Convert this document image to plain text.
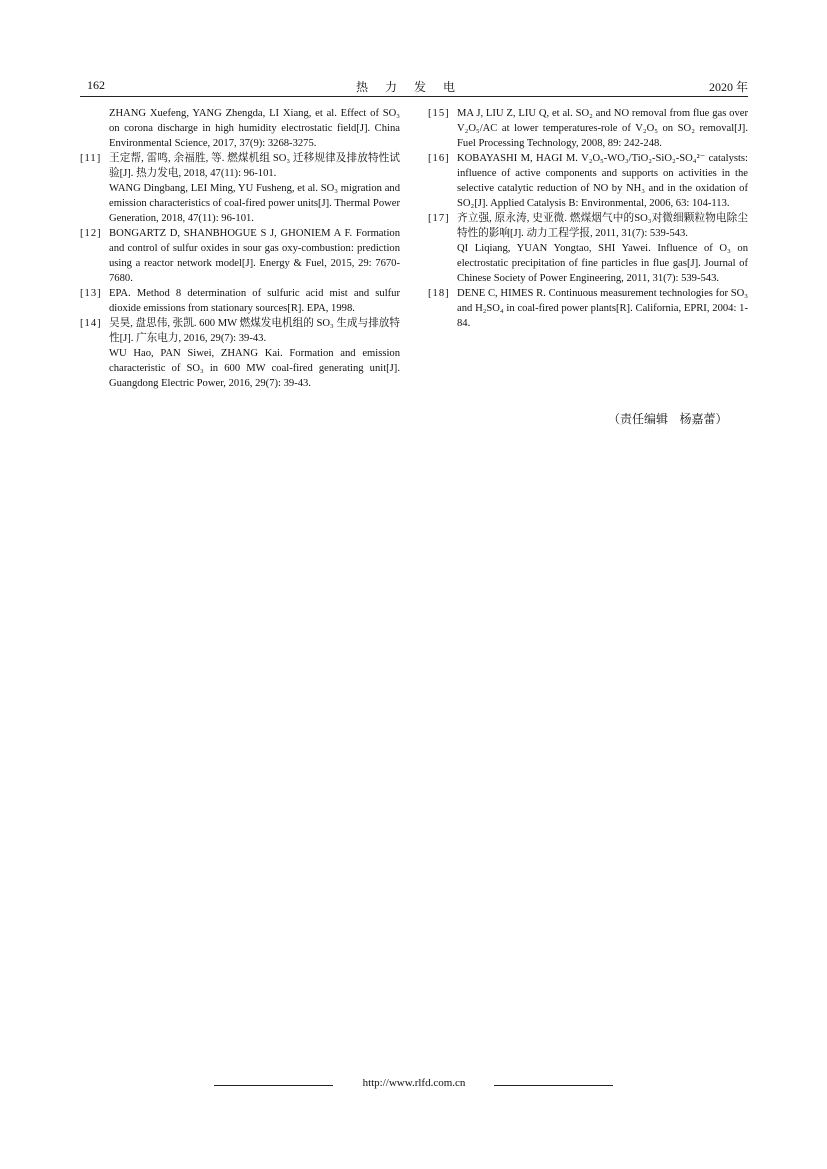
162	热力发电	2020 年

ZHANG Xuefeng, YANG Zhengda, LI Xiang, et al. Effect of SO₃ on corona discharge in high humidity electrostatic field[J]. China Environmental Science, 2017, 37(9): 3268-3275.

[11] 王定帮, 雷鸣, 余福胜, 等. 燃煤机组 SO₃ 迁移规律及排放特性试验[J]. 热力发电, 2018, 47(11): 96-101.

WANG Dingbang, LEI Ming, YU Fusheng, et al. SO₃ migration and emission characteristics of coal-fired power units[J]. Thermal Power Generation, 2018, 47(11): 96-101.

[12] BONGARTZ D, SHANBHOGUE S J, GHONIEM A F. Formation and control of sulfur oxides in sour gas oxy-combustion: prediction using a reactor network model[J]. Energy & Fuel, 2015, 29: 7670-7680.

[13] EPA. Method 8 determination of sulfuric acid mist and sulfur dioxide emissions from stationary sources[R]. EPA, 1998.

[14] 吴昊, 盘思伟, 张凯. 600 MW 燃煤发电机组的 SO₃ 生成与排放特性[J]. 广东电力, 2016, 29(7): 39-43.

WU Hao, PAN Siwei, ZHANG Kai. Formation and emission characteristic of SO₃ in 600 MW coal-fired generating unit[J]. Guangdong Electric Power, 2016, 29(7): 39-43.

[15] MA J, LIU Z, LIU Q, et al. SO₂ and NO removal from flue gas over V₂O₅/AC at lower temperatures-role of V₂O₅ on SO₂ removal[J]. Fuel Processing Technology, 2008, 89: 242-248.

[16] KOBAYASHI M, HAGI M. V₂O₅-WO₃/TiO₂-SiO₂-SO₄²⁻ catalysts: influence of active components and supports on activities in the selective catalytic reduction of NO by NH₃ and in the oxidation of SO₂[J]. Applied Catalysis B: Environmental, 2006, 63: 104-113.

[17] 齐立强, 原永涛, 史亚微. 燃煤烟气中的SO₃对微细颗粒物电除尘特性的影响[J]. 动力工程学报, 2011, 31(7): 539-543.

QI Liqiang, YUAN Yongtao, SHI Yawei. Influence of O₃ on electrostatic precipitation of fine particles in flue gas[J]. Journal of Chinese Society of Power Engineering, 2011, 31(7): 539-543.

[18] DENE C, HIMES R. Continuous measurement technologies for SO₃ and H₂SO₄ in coal-fired power plants[R]. California, EPRI, 2004: 1-84.

（责任编辑   杨嘉蕾）
http://www.rlfd.com.cn
